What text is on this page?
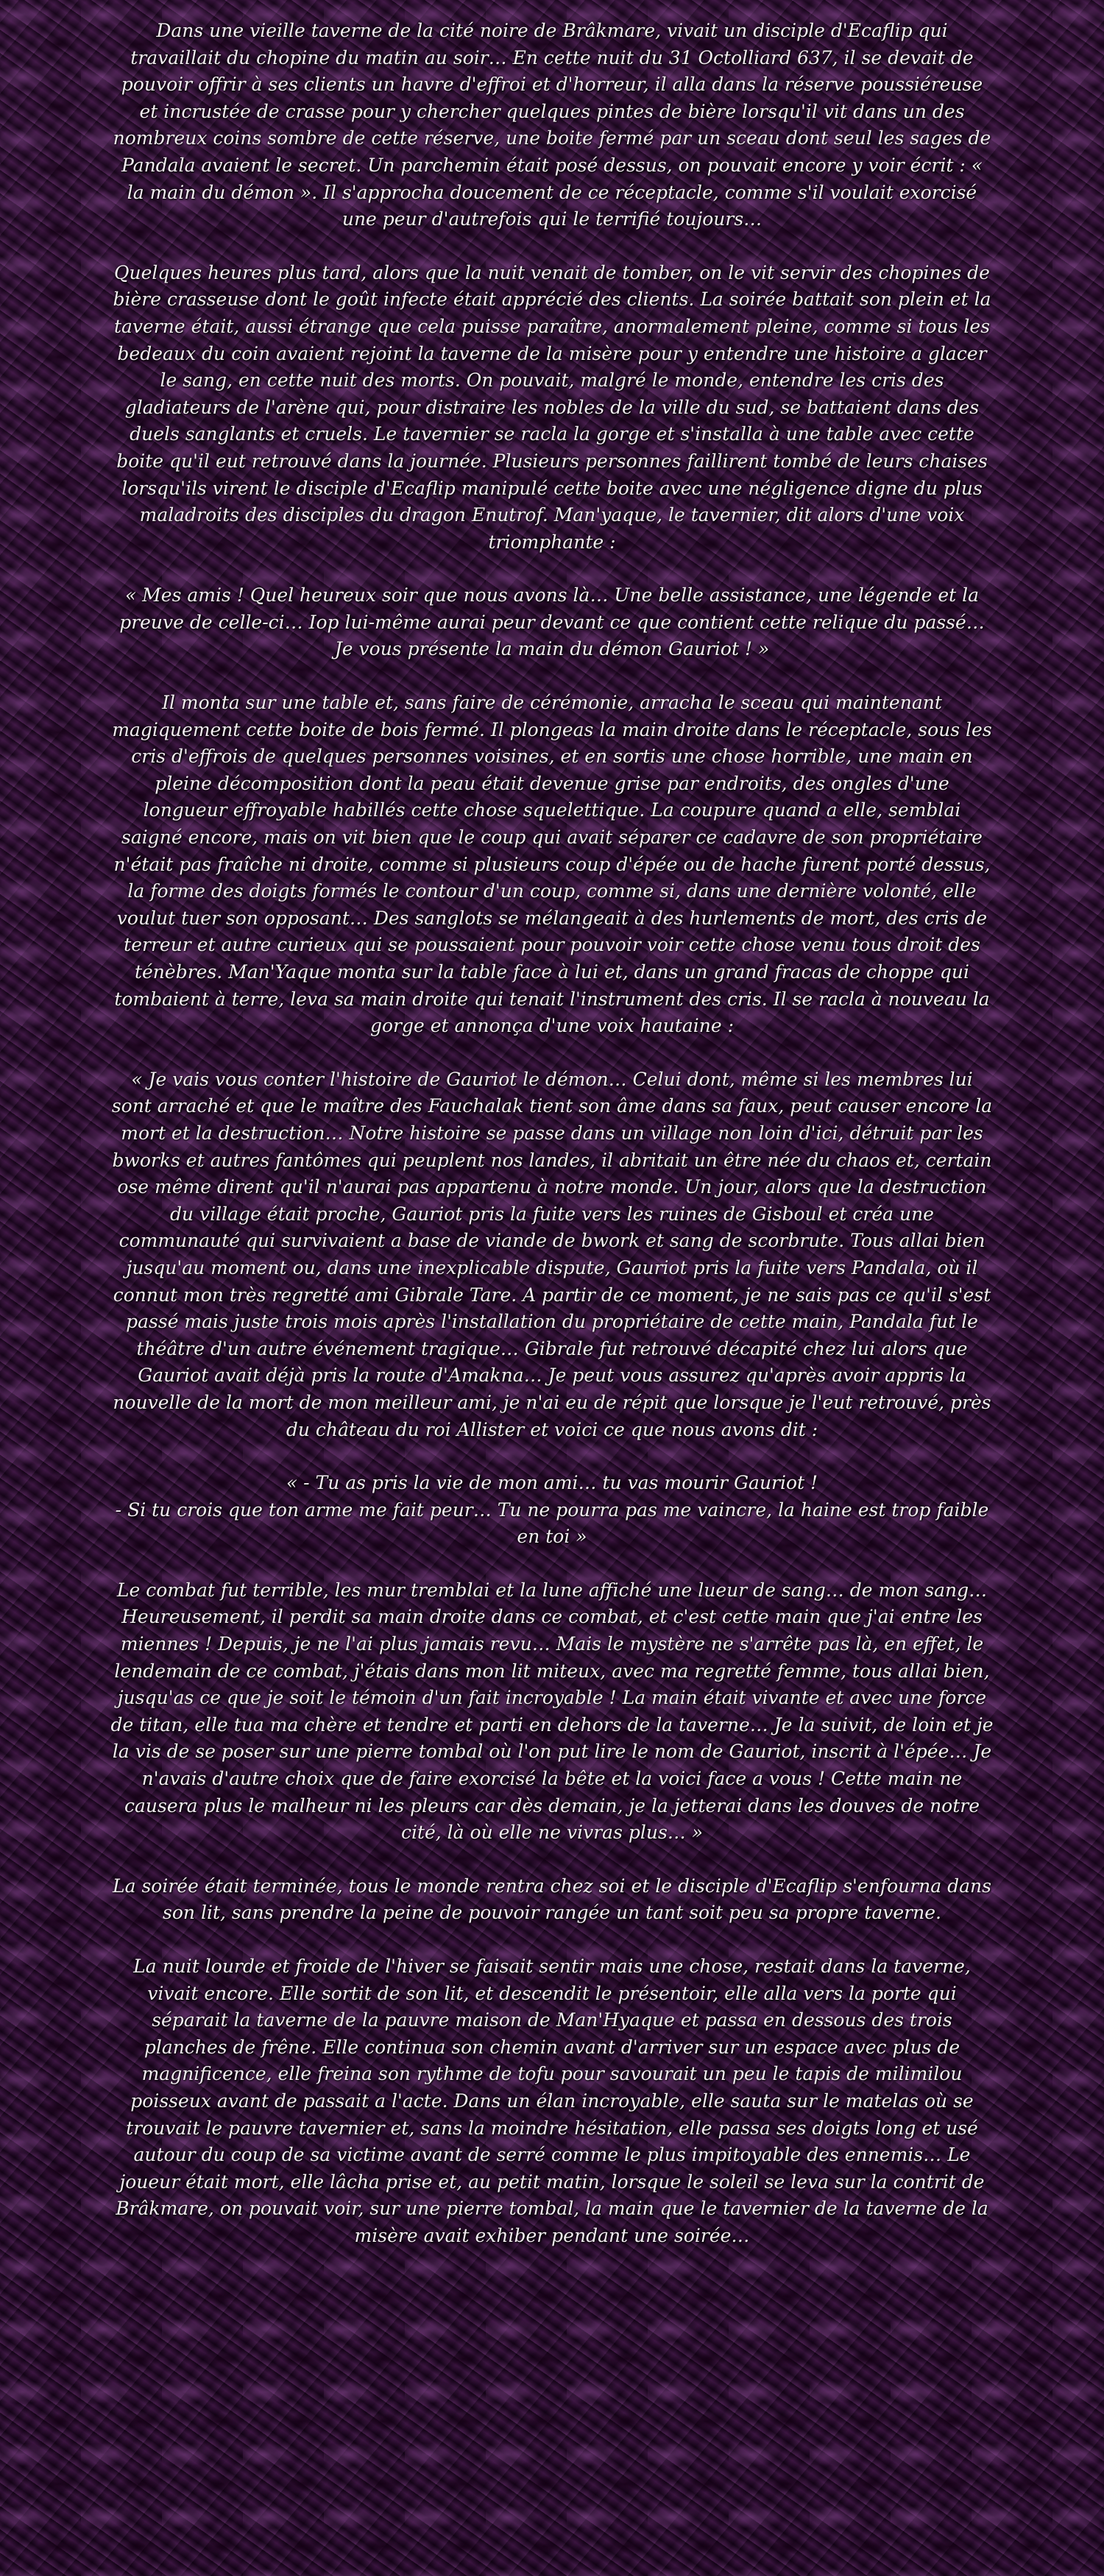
Dans une vieille taverne de la cité noire de Brâkmare, vivait un disciple d'Ecaflip qui travaillait du chopine du matin au soir… En cette nuit du 31 Octolliard 637, il se devait de pouvoir offrir à ses clients un havre d'effroi et d'horreur, il alla dans la réserve poussiéreuse et incrustée de crasse pour y chercher quelques pintes de bière lorsqu'il vit dans un des nombreux coins sombre de cette réserve, une boite fermé par un sceau dont seul les sages de Pandala avaient le secret. Un parchemin était posé dessus, on pouvait encore y voir écrit : « la main du démon ». Il s'approcha doucement de ce réceptacle, comme s'il voulait exorcisé une peur d'autrefois qui le terrifié toujours…

Quelques heures plus tard, alors que la nuit venait de tomber, on le vit servir des chopines de bière crasseuse dont le goût infecte était apprécié des clients. La soirée battait son plein et la taverne était, aussi étrange que cela puisse paraître, anormalement pleine, comme si tous les bedeaux du coin avaient rejoint la taverne de la misère pour y entendre une histoire a glacer le sang, en cette nuit des morts. On pouvait, malgré le monde, entendre les cris des gladiateurs de l'arène qui, pour distraire les nobles de la ville du sud, se battaient dans des duels sanglants et cruels. Le tavernier se racla la gorge et s'installa à une table avec cette boite qu'il eut retrouvé dans la journée. Plusieurs personnes faillirent tombé de leurs chaises lorsqu'ils virent le disciple d'Ecaflip manipulé cette boite avec une négligence digne du plus maladroits des disciples du dragon Enutrof. Man'yaque, le tavernier, dit alors d'une voix triomphante :

« Mes amis ! Quel heureux soir que nous avons là… Une belle assistance, une légende et la preuve de celle-ci… Iop lui-même aurai peur devant ce que contient cette relique du passé… Je vous présente la main du démon Gauriot ! »

Il monta sur une table et, sans faire de cérémonie, arracha le sceau qui maintenant magiquement cette boite de bois fermé. Il plongeas la main droite dans le réceptacle, sous les cris d'effrois de quelques personnes voisines, et en sortis une chose horrible, une main en pleine décomposition dont la peau était devenue grise par endroits, des ongles d'une longueur effroyable habillés cette chose squelettique. La coupure quand a elle, semblai saigné encore, mais on vit bien que le coup qui avait séparer ce cadavre de son propriétaire n'était pas fraîche ni droite, comme si plusieurs coup d'épée ou de hache furent porté dessus, la forme des doigts formés le contour d'un coup, comme si, dans une dernière volonté, elle voulut tuer son opposant… Des sanglots se mélangeait à des hurlements de mort, des cris de terreur et autre curieux qui se poussaient pour pouvoir voir cette chose venu tous droit des ténèbres. Man'Yaque monta sur la table face à lui et, dans un grand fracas de choppe qui tombaient à terre, leva sa main droite qui tenait l'instrument des cris. Il se racla à nouveau la gorge et annonça d'une voix hautaine :

« Je vais vous conter l'histoire de Gauriot le démon… Celui dont, même si les membres lui sont arraché et que le maître des Fauchalak tient son âme dans sa faux, peut causer encore la mort et la destruction… Notre histoire se passe dans un village non loin d'ici, détruit par les bworks et autres fantômes qui peuplent nos landes, il abritait un être née du chaos et, certain ose même dirent qu'il n'aurai pas appartenu à notre monde. Un jour, alors que la destruction du village était proche, Gauriot pris la fuite vers les ruines de Gisboul et créa une communauté qui survivaient a base de viande de bwork et sang de scorbrute. Tous allai bien jusqu'au moment ou, dans une inexplicable dispute, Gauriot pris la fuite vers Pandala, où il connut mon très regretté ami Gibrale Tare. A partir de ce moment, je ne sais pas ce qu'il s'est passé mais juste trois mois après l'installation du propriétaire de cette main, Pandala fut le théâtre d'un autre événement tragique… Gibrale fut retrouvé décapité chez lui alors que Gauriot avait déjà pris la route d'Amakna… Je peut vous assurez qu'après avoir appris la nouvelle de la mort de mon meilleur ami, je n'ai eu de répit que lorsque je l'eut retrouvé, près du château du roi Allister et voici ce que nous avons dit :

« - Tu as pris la vie de mon ami… tu vas mourir Gauriot !
- Si tu crois que ton arme me fait peur… Tu ne pourra pas me vaincre, la haine est trop faible en toi »

Le combat fut terrible, les mur tremblai et la lune affiché une lueur de sang… de mon sang… Heureusement, il perdit sa main droite dans ce combat, et c'est cette main que j'ai entre les miennes ! Depuis, je ne l'ai plus jamais revu… Mais le mystère ne s'arrête pas là, en effet, le lendemain de ce combat, j'étais dans mon lit miteux, avec ma regretté femme, tous allai bien, jusqu'as ce que je soit le témoin d'un fait incroyable ! La main était vivante et avec une force de titan, elle tua ma chère et tendre et parti en dehors de la taverne… Je la suivit, de loin et je la vis de se poser sur une pierre tombal où l'on put lire le nom de Gauriot, inscrit à l'épée… Je n'avais d'autre choix que de faire exorcisé la bête et la voici face a vous ! Cette main ne causera plus le malheur ni les pleurs car dès demain, je la jetterai dans les douves de notre cité, là où elle ne vivras plus… »

La soirée était terminée, tous le monde rentra chez soi et le disciple d'Ecaflip s'enfourna dans son lit, sans prendre la peine de pouvoir rangée un tant soit peu sa propre taverne.

La nuit lourde et froide de l'hiver se faisait sentir mais une chose, restait dans la taverne, vivait encore. Elle sortit de son lit, et descendit le présentoir, elle alla vers la porte qui séparait la taverne de la pauvre maison de Man'Hyaque et passa en dessous des trois planches de frêne. Elle continua son chemin avant d'arriver sur un espace avec plus de magnificence, elle freina son rythme de tofu pour savourait un peu le tapis de milimilou poisseux avant de passait a l'acte. Dans un élan incroyable, elle sauta sur le matelas où se trouvait le pauvre tavernier et, sans la moindre hésitation, elle passa ses doigts long et usé autour du coup de sa victime avant de serré comme le plus impitoyable des ennemis… Le joueur était mort, elle lâcha prise et, au petit matin, lorsque le soleil se leva sur la contrit de Brâkmare, on pouvait voir, sur une pierre tombal, la main que le tavernier de la taverne de la misère avait exhiber pendant une soirée…
